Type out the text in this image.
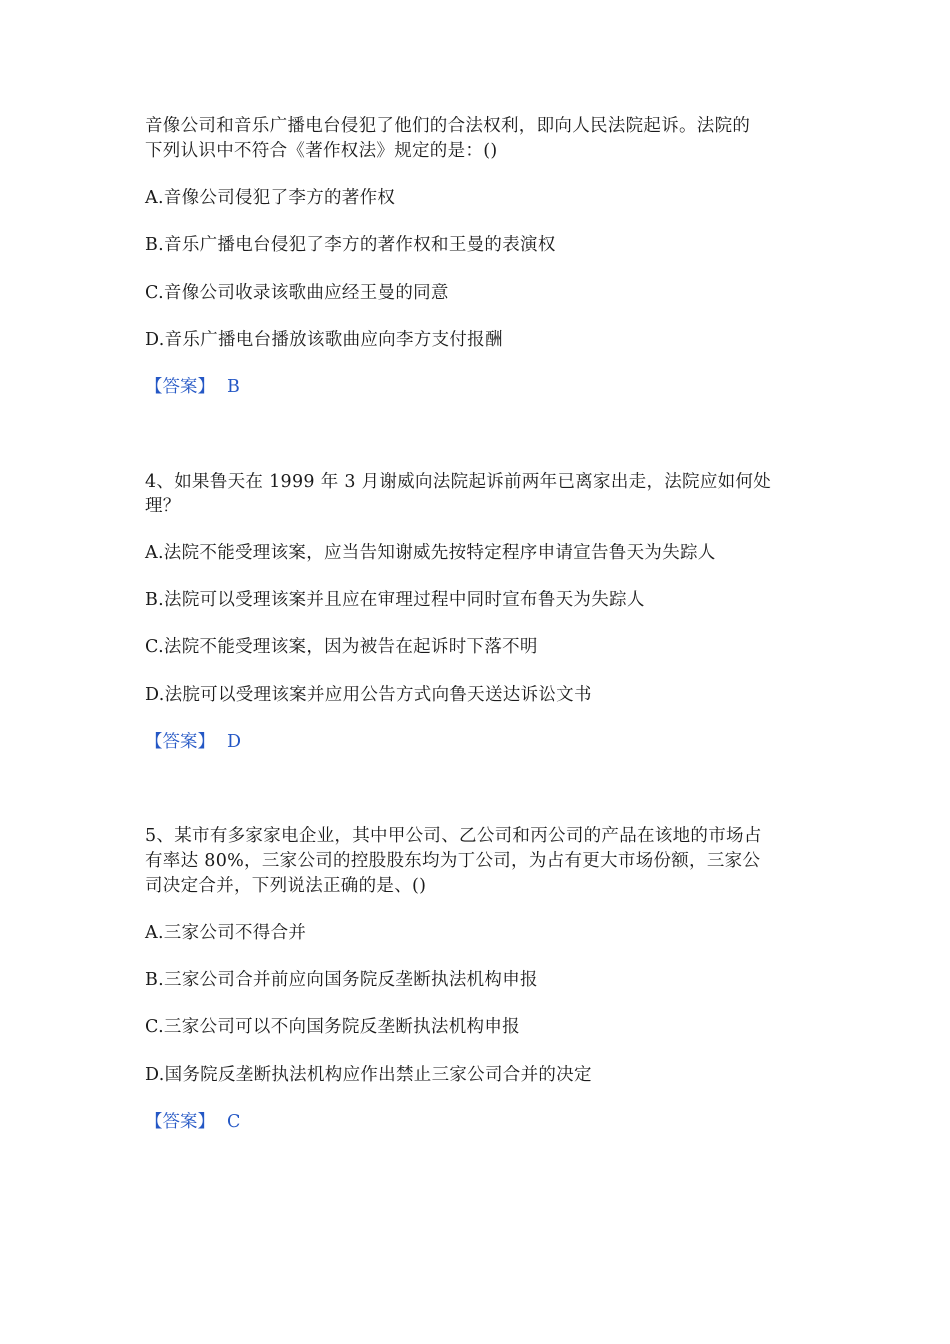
音像公司和音乐广播电台侵犯了他们的合法权利，即向人民法院起诉。法院的
下列认识中不符合《著作权法》规定的是：()
A.音像公司侵犯了李方的著作权
B.音乐广播电台侵犯了李方的著作权和王曼的表演权
C.音像公司收录该歌曲应经王曼的同意
D.音乐广播电台播放该歌曲应向李方支付报酬
【答案】 B
4、如果鲁天在 1999 年 3 月谢威向法院起诉前两年已离家出走，法院应如何处
理？
A.法院不能受理该案，应当告知谢威先按特定程序申请宣告鲁天为失踪人
B.法院可以受理该案并且应在审理过程中同时宣布鲁天为失踪人
C.法院不能受理该案，因为被告在起诉时下落不明
D.法脘可以受理该案并应用公告方式向鲁天送达诉讼文书
【答案】 D
5、某市有多家家电企业，其中甲公司、乙公司和丙公司的产品在该地的市场占
有率达 80%，三家公司的控股股东均为丁公司，为占有更大市场份额，三家公
司决定合并，下列说法正确的是、()
A.三家公司不得合并
B.三家公司合并前应向国务院反垄断执法机构申报
C.三家公司可以不向国务院反垄断执法机构申报
D.国务院反垄断执法机构应作出禁止三家公司合并的决定
【答案】 C
